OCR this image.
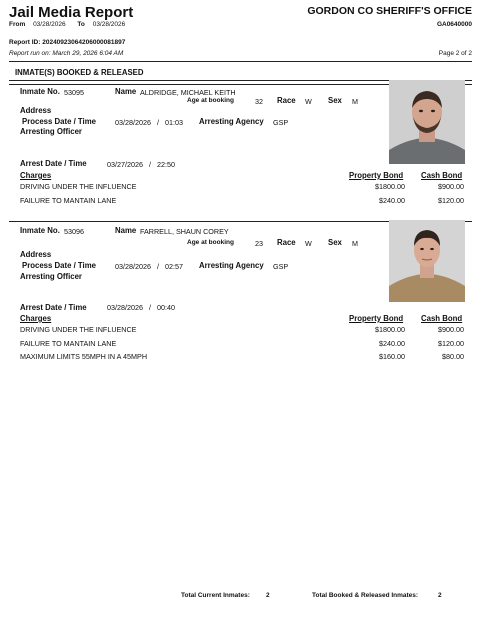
Jail Media Report	GORDON CO SHERIFF'S OFFICE
From 03/28/2026 To 03/28/2026	GA0640000
Report ID: 20240923064206000081897
Report run on: March 29, 2026 6:04 AM	Page 2 of 2
INMATE(S) BOOKED & RELEASED
Inmate No. 53095	Name ALDRIDGE, MICHAEL KEITH
Age at booking	32 Race W Sex M
Address
Process Date / Time	03/28/2026 / 01:03 Arresting Agency GSP
Arresting Officer
Arrest Date / Time	03/27/2026 / 22:50
Charges	Property Bond Cash Bond
DRIVING UNDER THE INFLUENCE	$1800.00	$900.00
FAILURE TO MANTAIN LANE	$240.00	$120.00
Inmate No. 53096	Name FARRELL, SHAUN COREY
Age at booking	23 Race W Sex M
Address
Process Date / Time	03/28/2026 / 02:57 Arresting Agency GSP
Arresting Officer
Arrest Date / Time	03/28/2026 / 00:40
Charges	Property Bond Cash Bond
DRIVING UNDER THE INFLUENCE	$1800.00	$900.00
FAILURE TO MANTAIN LANE	$240.00	$120.00
MAXIMUM LIMITS 55MPH IN A 45MPH	$160.00	$80.00
Total Current Inmates: 2	Total Booked & Released Inmates:	2
